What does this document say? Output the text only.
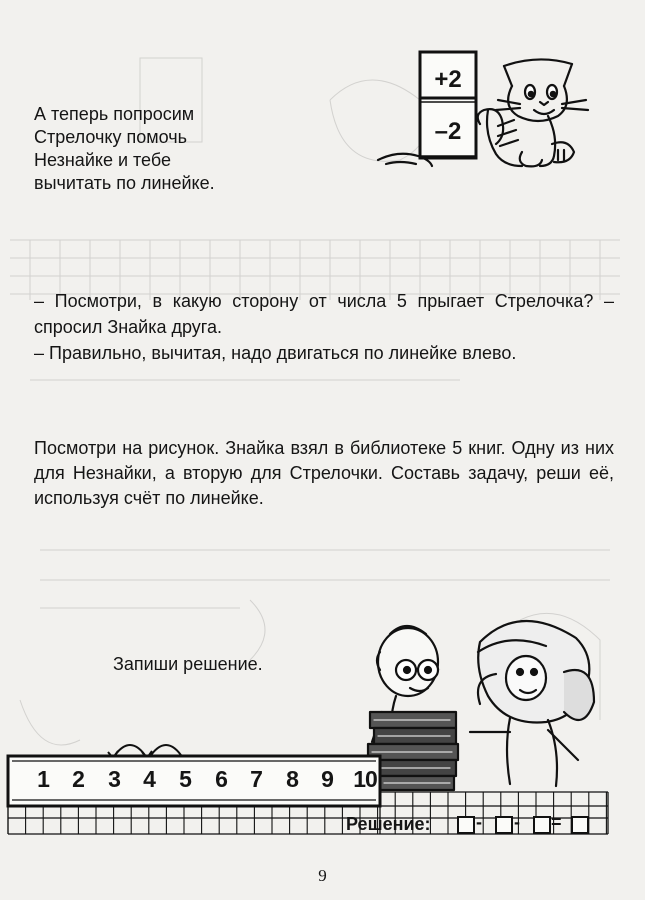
А теперь попросим
Стрелочку помочь
Незнайке и тебе
вычитать по линейке.
+2
–2
– Посмотри, в какую сторону от числа 5 прыгает Стрелочка? – спросил Знайка друга.
– Правильно, вычитая, надо двигаться по линейке влево.
Посмотри на рисунок. Знайка взял в библиотеке 5 книг. Одну из них для Незнайки, а вторую для Стрелочки. Составь задачу, реши её, используя счёт по линейке.
Запиши решение.
1	2	3	4	5	6	7	8	9 10
Решение:	- - =
9
